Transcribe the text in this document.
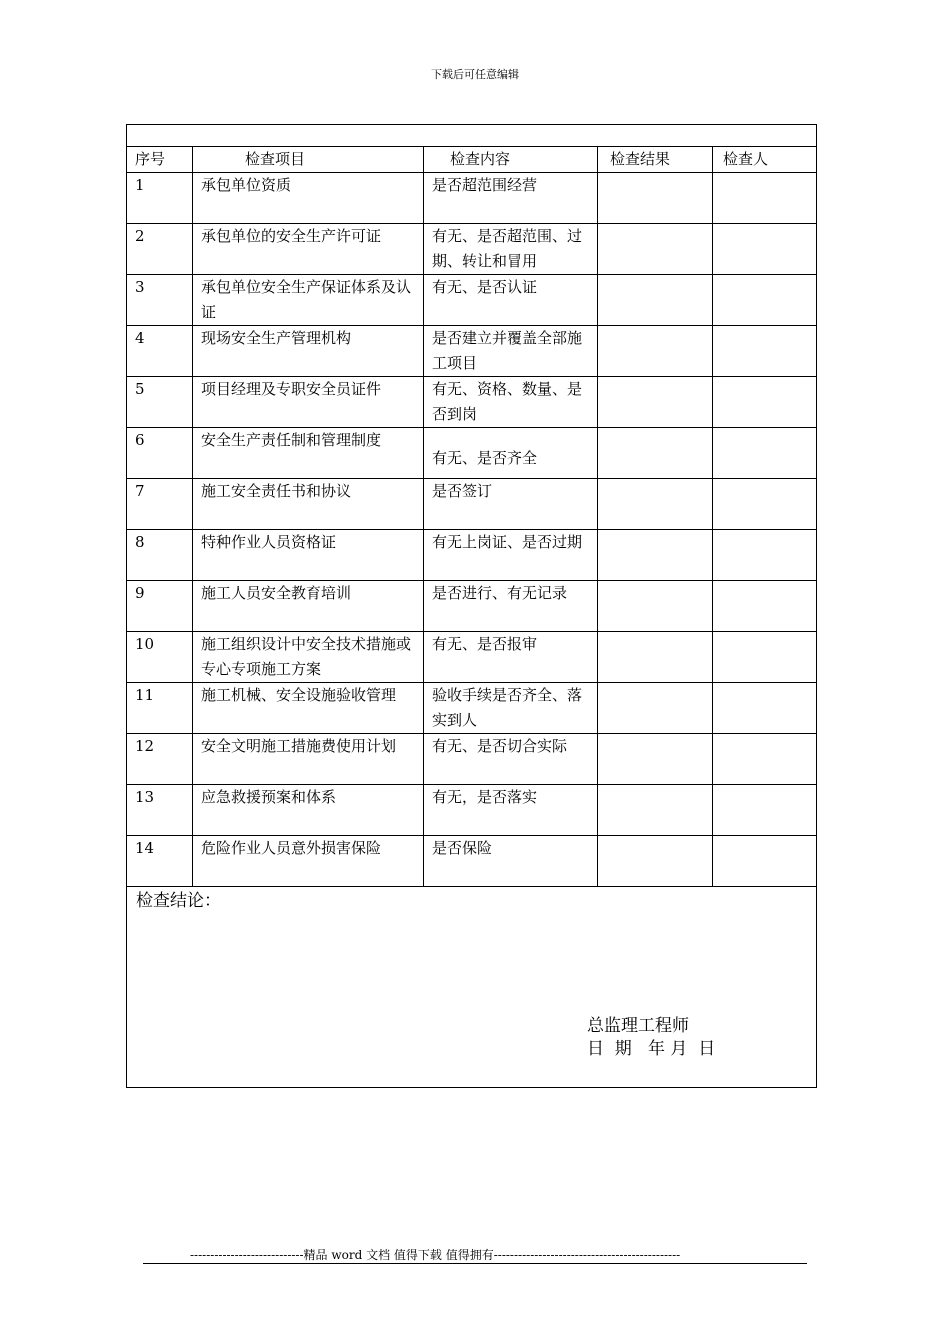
下载后可任意编辑

序号	检查项目	检查内容	检查结果	检查人
1	承包单位资质	是否超范围经营		
2	承包单位的安全生产许可证	有无、是否超范围、过期、转让和冒用		
3	承包单位安全生产保证体系及认证	有无、是否认证		
4	现场安全生产管理机构	是否建立并覆盖全部施工项目		
5	项目经理及专职安全员证件	有无、资格、数量、是否到岗		
6	安全生产责任制和管理制度	有无、是否齐全		

7	施工安全责任书和协议	是否签订		
8	特种作业人员资格证	有无上岗证、是否过期		
9	施工人员安全教育培训	是否进行、有无记录		
10	施工组织设计中安全技术措施或专心专项施工方案	有无、是否报审		
11	施工机械、安全设施验收管理	验收手续是否齐全、落实到人		
12	安全文明施工措施费使用计划	有无、是否切合实际		
13	应急救援预案和体系	有无，是否落实		
14	危险作业人员意外损害保险	是否保险		

检查结论：
总监理工程师
日  期   年 月  日				
----------------------------精品 word 文档 值得下载 值得拥有----------------------------------------------
